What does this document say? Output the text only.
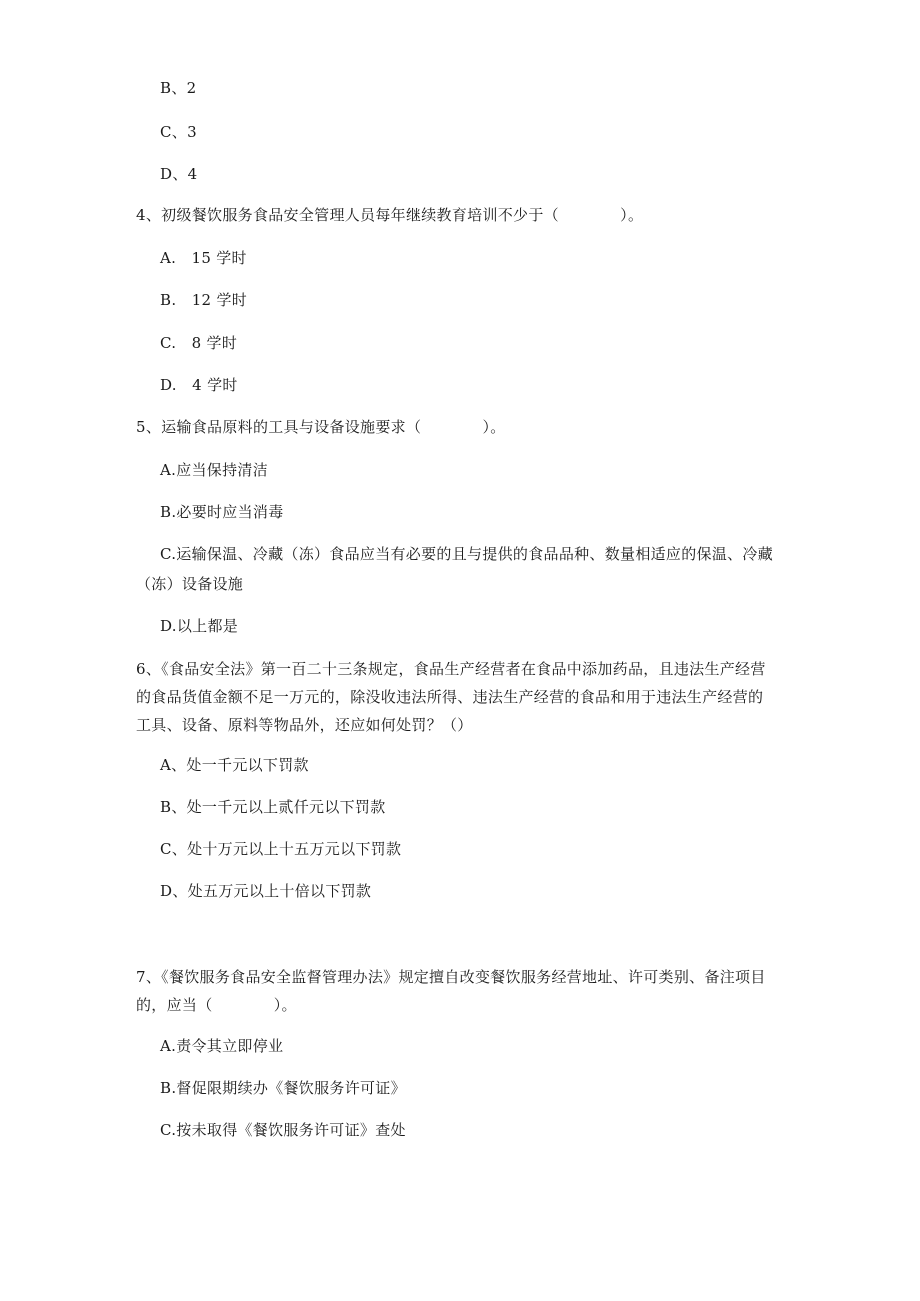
B、2
C、3
D、4
4、初级餐饮服务食品安全管理人员每年继续教育培训不少于（　　　　）。
A.　15 学时
B.　12 学时
C.　8 学时
D.　4 学时
5、运输食品原料的工具与设备设施要求（　　　　）。
A.应当保持清洁
B.必要时应当消毒
C.运输保温、冷藏（冻）食品应当有必要的且与提供的食品品种、数量相适应的保温、冷藏
（冻）设备设施
D.以上都是
6、《食品安全法》第一百二十三条规定，食品生产经营者在食品中添加药品，且违法生产经营
的食品货值金额不足一万元的，除没收违法所得、违法生产经营的食品和用于违法生产经营的
工具、设备、原料等物品外，还应如何处罚？（）
A、处一千元以下罚款
B、处一千元以上贰仟元以下罚款
C、处十万元以上十五万元以下罚款
D、处五万元以上十倍以下罚款
7、《餐饮服务食品安全监督管理办法》规定擅自改变餐饮服务经营地址、许可类别、备注项目
的，应当（　　　　）。
A.责令其立即停业
B.督促限期续办《餐饮服务许可证》
C.按未取得《餐饮服务许可证》查处
